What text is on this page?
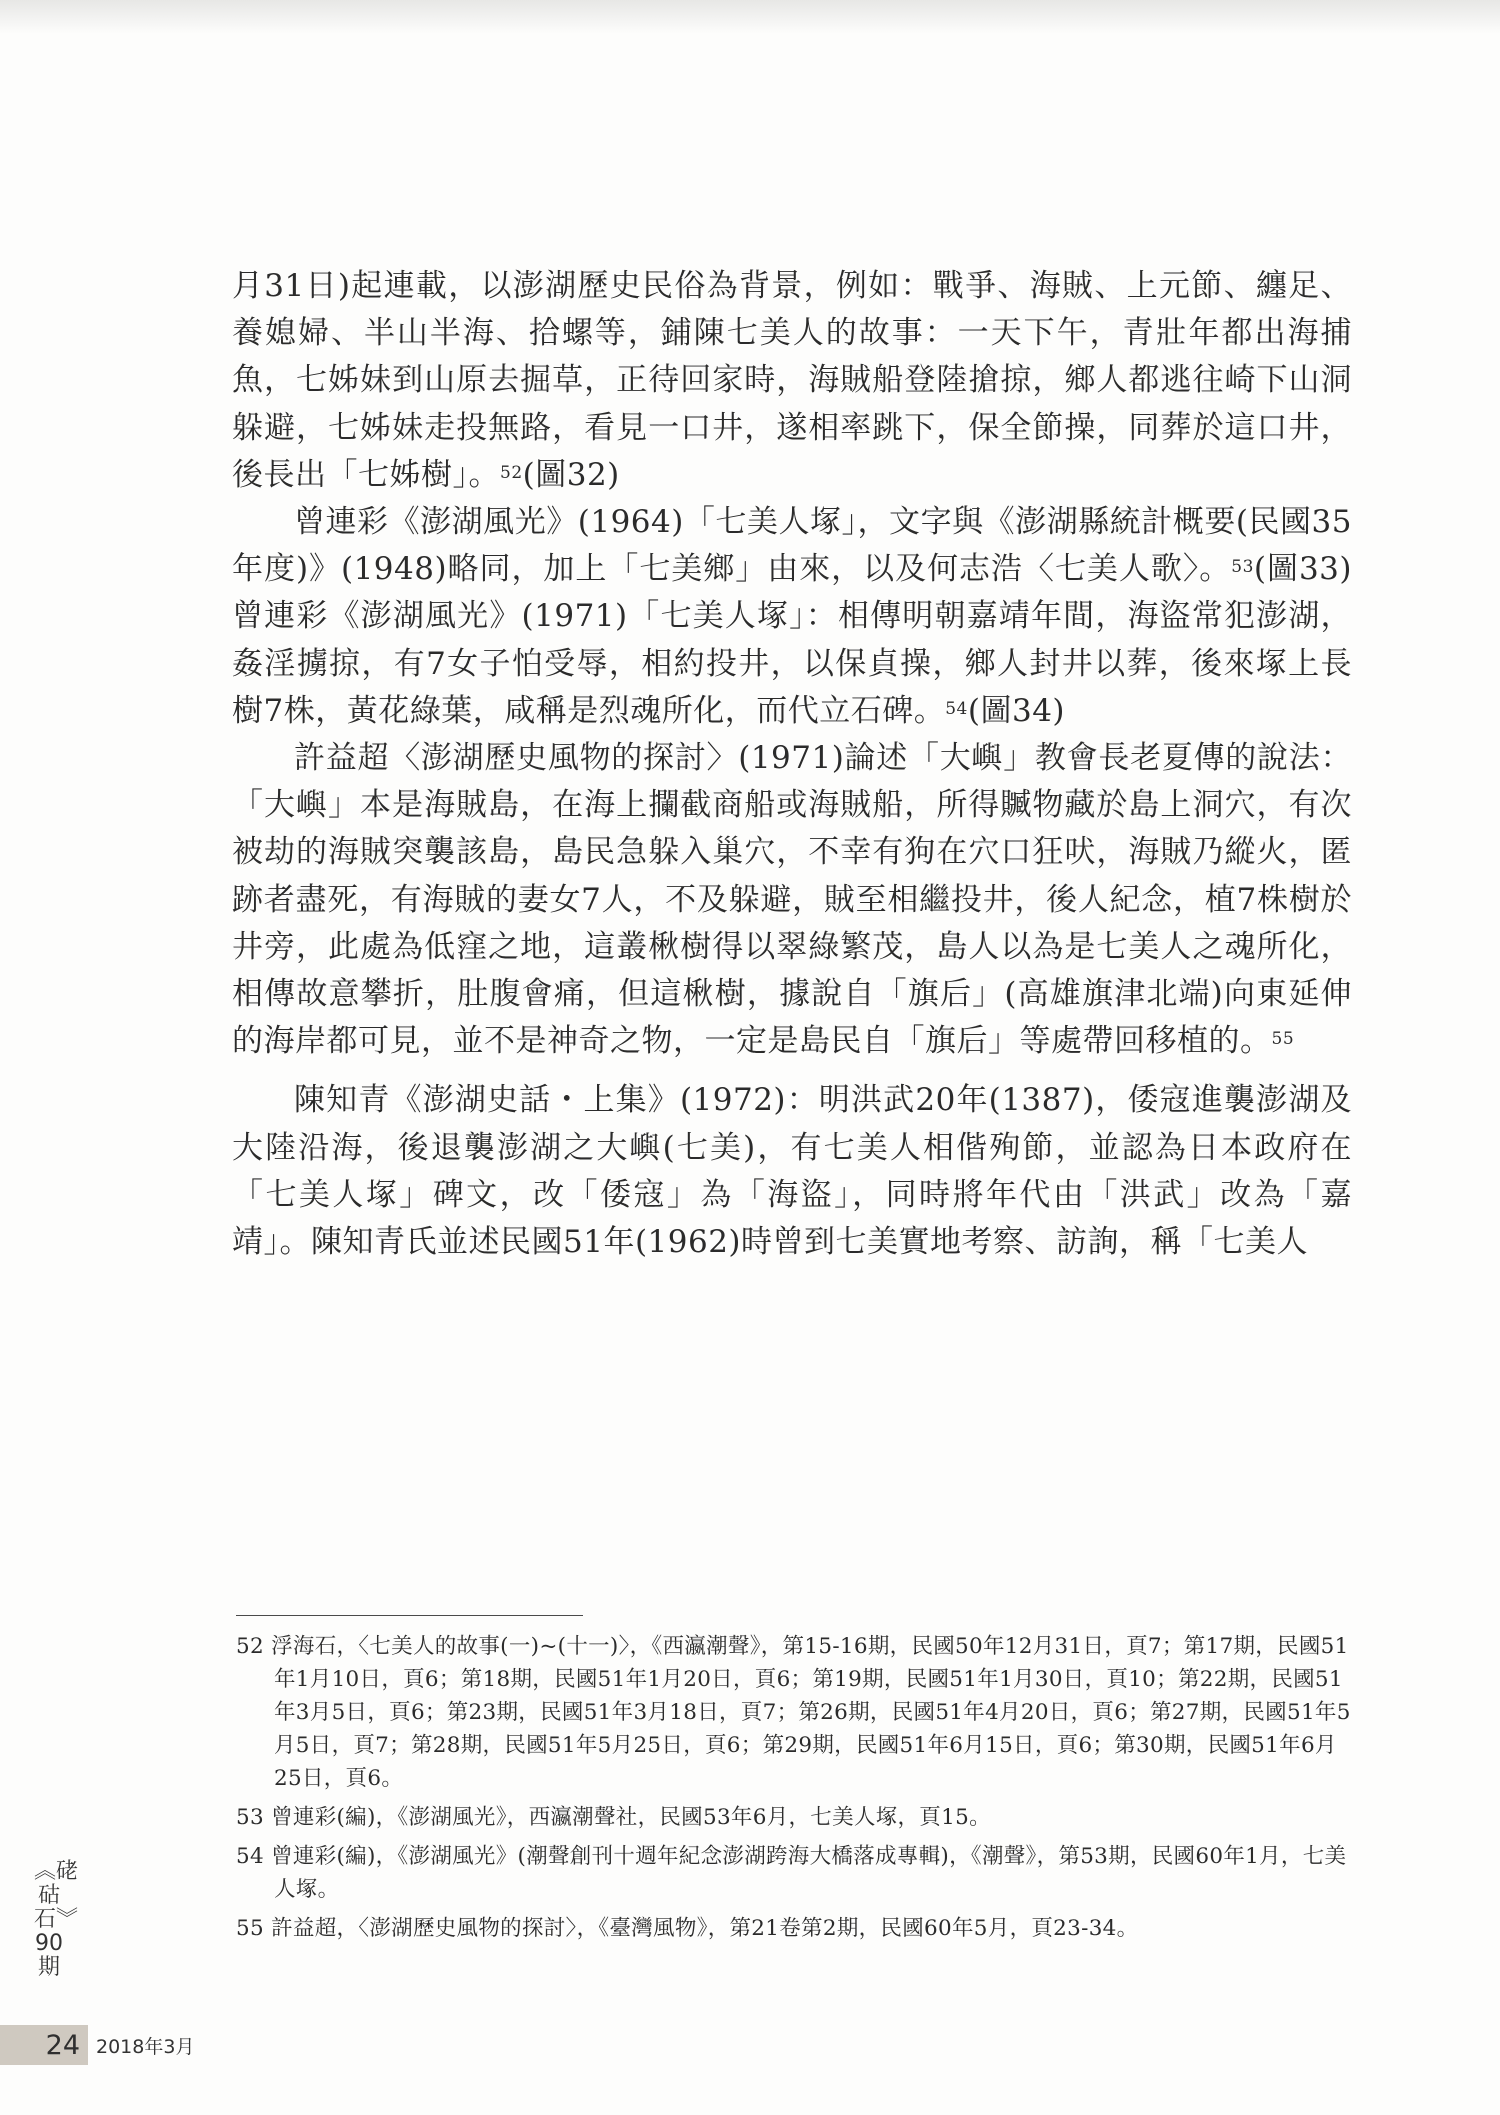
月31日)起連載，以澎湖歷史民俗為背景，例如：戰爭、海賊、上元節、纏足、養媳婦、半山半海、拾螺等，鋪陳七美人的故事：一天下午，青壯年都出海捕魚，七姊妹到山原去掘草，正待回家時，海賊船登陸搶掠，鄉人都逃往崎下山洞躲避，七姊妹走投無路，看見一口井，遂相率跳下，保全節操，同葬於這口井，後長出「七姊樹」。$^{52}$(圖32)

曾連彩《澎湖風光》(1964)「七美人塚」，文字與《澎湖縣統計概要(民國35年度)》(1948)略同，加上「七美鄉」由來，以及何志浩〈七美人歌〉。$^{53}$(圖33) 曾連彩《澎湖風光》(1971)「七美人塚」：相傳明朝嘉靖年間，海盜常犯澎湖，姦淫擄掠，有7女子怕受辱，相約投井，以保貞操，鄉人封井以葬，後來塚上長樹7株，黃花綠葉，咸稱是烈魂所化，而代立石碑。$^{54}$(圖34)

許益超〈澎湖歷史風物的探討〉(1971)論述「大嶼」教會長老夏傳的說法：「大嶼」本是海賊島，在海上攔截商船或海賊船，所得贓物藏於島上洞穴，有次被劫的海賊突襲該島，島民急躲入巢穴，不幸有狗在穴口狂吠，海賊乃縱火，匿跡者盡死，有海賊的妻女7人，不及躲避，賊至相繼投井，後人紀念，植7株樹於井旁，此處為低窪之地，這叢楸樹得以翠綠繁茂，島人以為是七美人之魂所化，相傳故意攀折，肚腹會痛，但這楸樹，據說自「旗后」(高雄旗津北端)向東延伸的海岸都可見，並不是神奇之物，一定是島民自「旗后」等處帶回移植的。$^{55}$

陳知青《澎湖史話・上集》(1972)：明洪武20年(1387)，倭寇進襲澎湖及大陸沿海，後退襲澎湖之大嶼(七美)，有七美人相偕殉節，並認為日本政府在「七美人塚」碑文，改「倭寇」為「海盜」，同時將年代由「洪武」改為「嘉靖」。陳知青氏並述民國51年(1962)時曾到七美實地考察、訪詢，稱「七美人

52 浮海石，〈七美人的故事(一)~(十一)〉，《西瀛潮聲》，第15-16期，民國50年12月31日，頁7；第17期，民國51年1月10日，頁6；第18期，民國51年1月20日，頁6；第19期，民國51年1月30日，頁10；第22期，民國51年3月5日，頁6；第23期，民國51年3月18日，頁7；第26期，民國51年4月20日，頁6；第27期，民國51年5月5日，頁7；第28期，民國51年5月25日，頁6；第29期，民國51年6月15日，頁6；第30期，民國51年6月25日，頁6。

53 曾連彩(編)，《澎湖風光》，西瀛潮聲社，民國53年6月，七美人塚，頁15。

54 曾連彩(編)，《澎湖風光》(潮聲創刊十週年紀念澎湖跨海大橋落成專輯)，《潮聲》，第53期，民國60年1月，七美人塚。

55 許益超，〈澎湖歷史風物的探討〉，《臺灣風物》，第21卷第2期，民國60年5月，頁23-34。

︽硓𥑮石︾
90
期
24 2018年3月
